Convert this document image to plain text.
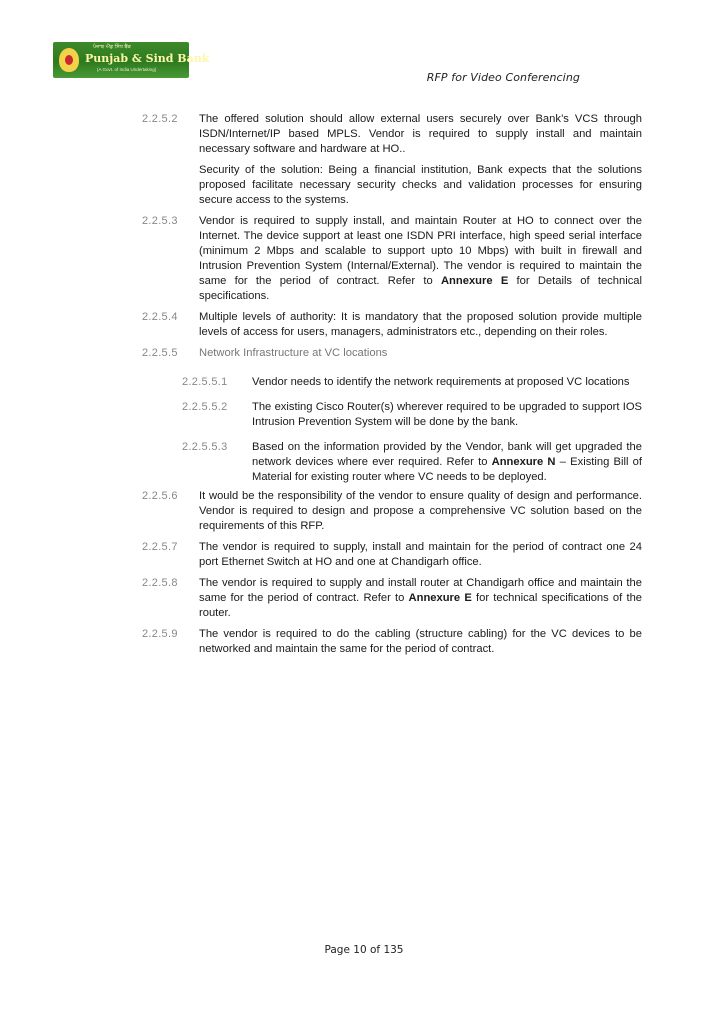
ਪੰਜਾਬ ਐਂਡ ਸਿੰਧ ਬੈਂਕ
Punjab & Sind Bank
(A Govt. of India Undertaking)
RFP for Video Conferencing
2.2.5.2	The offered solution should allow external users securely over Bank’s VCS through ISDN/Internet/IP based MPLS. Vendor is required to supply install and maintain necessary software and hardware at HO..

Security of the solution: Being a financial institution, Bank expects that the solutions proposed facilitate necessary security checks and validation processes for ensuring secure access to the systems.

2.2.5.3	Vendor is required to supply install, and maintain Router at HO to connect over the Internet. The device support at least one ISDN PRI interface, high speed serial interface (minimum 2 Mbps and scalable to support upto 10 Mbps) with built in firewall and Intrusion Prevention System (Internal/External). The vendor is required to maintain the same for the period of contract. Refer to Annexure E for Details of technical specifications.

2.2.5.4	Multiple levels of authority: It is mandatory that the proposed solution provide multiple levels of access for users, managers, administrators etc., depending on their roles.

2.2.5.5	Network Infrastructure at VC locations

2.2.5.5.1	Vendor needs to identify the network requirements at proposed VC locations

2.2.5.5.2	The existing Cisco Router(s) wherever required to be upgraded to support IOS Intrusion Prevention System will be done by the bank.

2.2.5.5.3	Based on the information provided by the Vendor, bank will get upgraded the network devices where ever required. Refer to Annexure N – Existing Bill of Material for existing router where VC needs to be deployed.

2.2.5.6	It would be the responsibility of the vendor to ensure quality of design and performance. Vendor is required to design and propose a comprehensive VC solution based on the requirements of this RFP.

2.2.5.7	The vendor is required to supply, install and maintain for the period of contract one 24 port Ethernet Switch at HO and one at Chandigarh office.

2.2.5.8	The vendor is required to supply and install router at Chandigarh office and maintain the same for the period of contract. Refer to Annexure E for technical specifications of the router.

2.2.5.9	The vendor is required to do the cabling (structure cabling) for the VC devices to be networked and maintain the same for the period of contract.

Page 10 of 135
